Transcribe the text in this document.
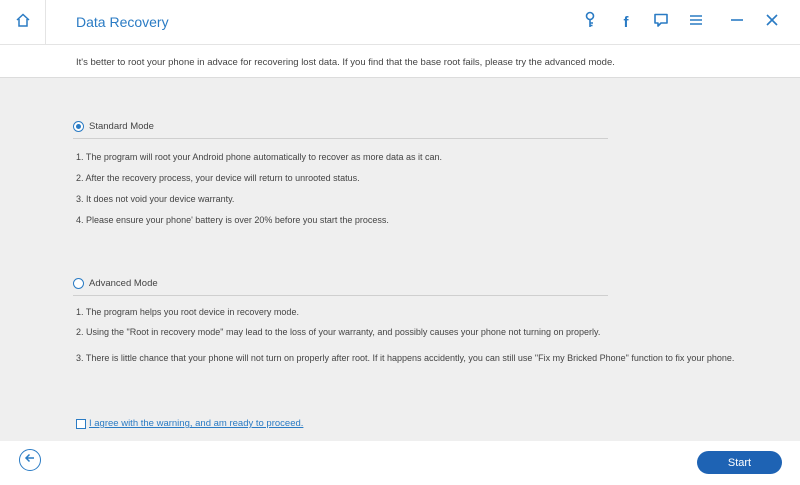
Data Recovery	f
It's better to root your phone in advace for recovering lost data. If you find that the base root fails, please try the advanced mode.
Standard Mode
1. The program will root your Android phone automatically to recover as more data as it can.
2. After the recovery process, your device will return to unrooted status.
3. It does not void your device warranty.
4. Please ensure your phone' battery is over 20% before you start the process.
Advanced Mode
1. The program helps you root device in recovery mode.
2. Using the "Root in recovery mode" may lead to the loss of your warranty, and possibly causes your phone not turning on properly.
3. There is little chance that your phone will not turn on properly after root. If it happens accidently, you can still use "Fix my Bricked Phone" function to fix your phone.
I agree with the warning, and am ready to proceed.
Start
